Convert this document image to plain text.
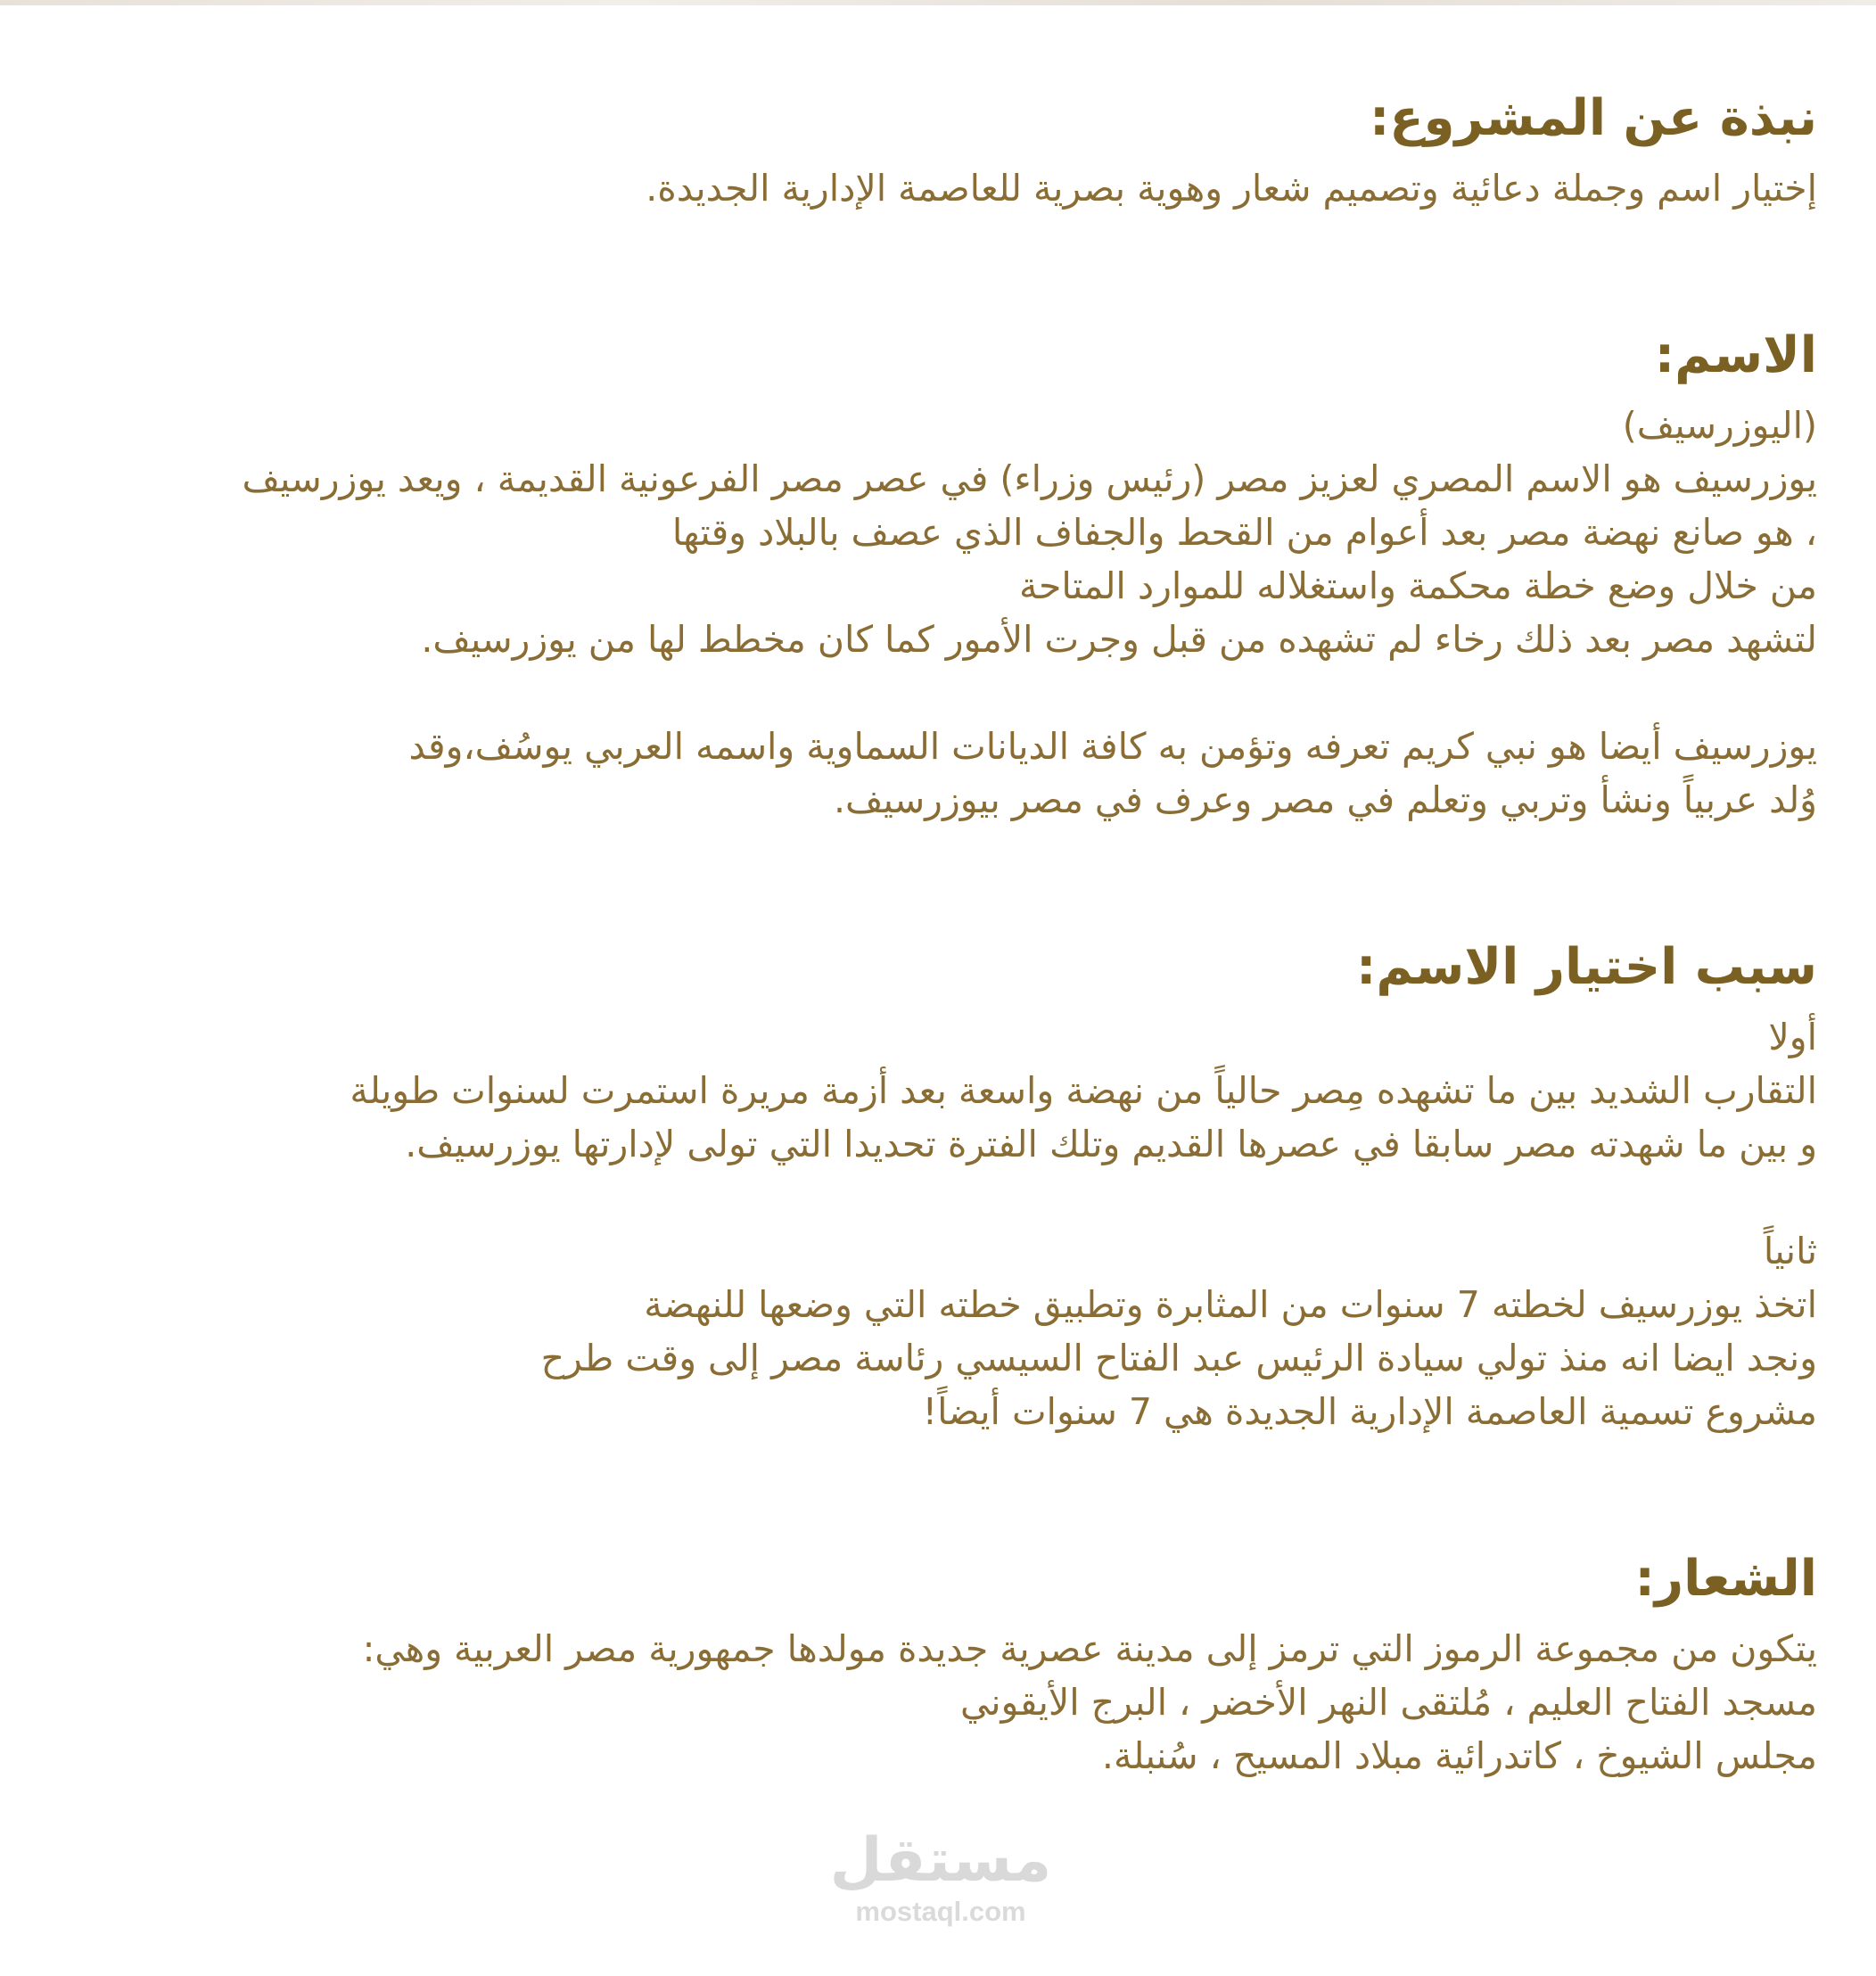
نبذة عن المشروع:
إختيار اسم وجملة دعائية وتصميم شعار وهوية بصرية للعاصمة الإدارية الجديدة.
الاسم:
(اليوزرسيف)
يوزرسيف هو الاسم المصري لعزيز مصر (رئيس وزراء) في عصر مصر الفرعونية القديمة ، ويعد يوزرسيف
، هو صانع نهضة مصر بعد أعوام من القحط والجفاف الذي عصف بالبلاد وقتها
من خلال وضع خطة محكمة واستغلاله للموارد المتاحة
لتشهد مصر بعد ذلك رخاء لم تشهده من قبل وجرت الأمور كما كان مخطط لها من يوزرسيف.
يوزرسيف أيضا هو نبي كريم تعرفه وتؤمن به كافة الديانات السماوية واسمه العربي يوسُف،وقد
وُلد عربياً ونشأ وتربي وتعلم في مصر وعرف في مصر بيوزرسيف.
سبب اختيار الاسم:
أولا
التقارب الشديد بين ما تشهده مِصر حالياً من نهضة واسعة بعد أزمة مريرة استمرت لسنوات طويلة
و بين ما شهدته مصر سابقا في عصرها القديم وتلك الفترة تحديدا التي تولى لإدارتها يوزرسيف.
ثانياً
اتخذ يوزرسيف لخطته 7 سنوات من المثابرة وتطبيق خطته التي وضعها للنهضة
ونجد ايضا انه منذ تولي سيادة الرئيس عبد الفتاح السيسي رئاسة مصر إلى وقت طرح
مشروع تسمية العاصمة الإدارية الجديدة هي 7 سنوات أيضاً!
الشعار:
يتكون من مجموعة الرموز التي ترمز إلى مدينة عصرية جديدة مولدها جمهورية مصر العربية وهي:
مسجد الفتاح العليم ، مُلتقى النهر الأخضر ، البرج الأيقوني
مجلس الشيوخ ، كاتدرائية مبلاد المسيح ، سُنبلة.
مستقل
mostaql.com
